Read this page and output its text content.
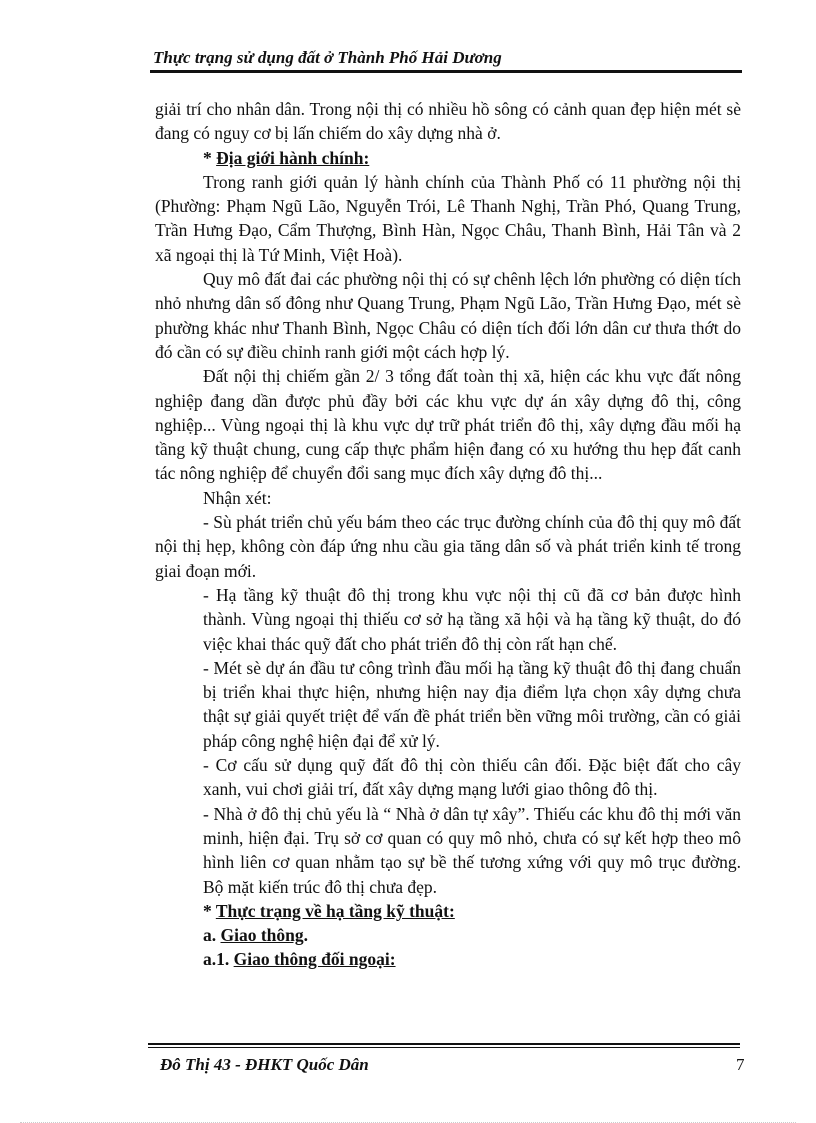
Thực trạng sử dụng đất ở Thành Phố Hải Dương

giải trí cho nhân dân. Trong nội thị có nhiều hồ sông có cảnh quan đẹp hiện mét sè đang có nguy cơ bị lấn chiếm do xây dựng nhà ở.

* Địa giới hành chính:

Trong ranh giới quản lý hành chính của Thành Phố có 11 phường nội thị (Phường: Phạm Ngũ Lão, Nguyễn Trói, Lê Thanh Nghị, Trần Phó, Quang Trung, Trần Hưng Đạo, Cẩm Thượng, Bình Hàn, Ngọc Châu, Thanh Bình, Hải Tân và 2 xã ngoại thị là Tứ Minh, Việt Hoà).

Quy mô đất đai các phường nội thị có sự chênh lệch lớn phường có diện tích nhỏ nhưng dân số đông như Quang Trung, Phạm Ngũ Lão, Trần Hưng Đạo, mét sè phường khác như Thanh Bình, Ngọc Châu có diện tích đối lớn dân cư thưa thớt do đó cần có sự điều chỉnh ranh giới một cách hợp lý.

Đất nội thị chiếm gần 2/ 3 tổng đất toàn thị xã, hiện các khu vực đất nông nghiệp đang dần được phủ đầy bởi các khu vực dự án xây dựng đô thị, công nghiệp... Vùng ngoại thị là khu vực dự trữ phát triển đô thị, xây dựng đầu mối hạ tầng kỹ thuật chung, cung cấp thực phẩm hiện đang có xu hướng thu hẹp đất canh tác nông nghiệp để chuyển đổi sang mục đích xây dựng đô thị...

Nhận xét:

- Sù phát triển chủ yếu bám theo các trục đường chính của đô thị quy mô đất nội thị hẹp, không còn đáp ứng nhu cầu gia tăng dân số và phát triển kinh tế trong giai đoạn mới.

- Hạ tầng kỹ thuật đô thị trong khu vực nội thị cũ đã cơ bản được hình thành. Vùng ngoại thị thiếu cơ sở hạ tầng xã hội và hạ tầng kỹ thuật, do đó việc khai thác quỹ đất cho phát triển đô thị còn rất hạn chế.

- Mét sè dự án đầu tư công trình đầu mối hạ tầng kỹ thuật đô thị đang chuẩn bị triển khai thực hiện, nhưng hiện nay địa điểm lựa chọn xây dựng chưa thật sự giải quyết triệt để vấn đề phát triển bền vững môi trường, cần có giải pháp công nghệ hiện đại để xử lý.

- Cơ cấu sử dụng quỹ đất đô thị còn thiếu cân đối. Đặc biệt đất cho cây xanh, vui chơi giải trí, đất xây dựng mạng lưới giao thông đô thị.

- Nhà ở đô thị chủ yếu là “ Nhà ở dân tự xây”. Thiếu các khu đô thị mới văn minh, hiện đại. Trụ sở cơ quan có quy mô nhỏ, chưa có sự kết hợp theo mô hình liên cơ quan nhằm tạo sự bề thế tương xứng với quy mô trục đường. Bộ mặt kiến trúc đô thị chưa đẹp.

* Thực trạng về hạ tầng kỹ thuật:

a. Giao thông.

a.1. Giao thông đối ngoại:

Đô Thị 43 - ĐHKT Quốc Dân	7
